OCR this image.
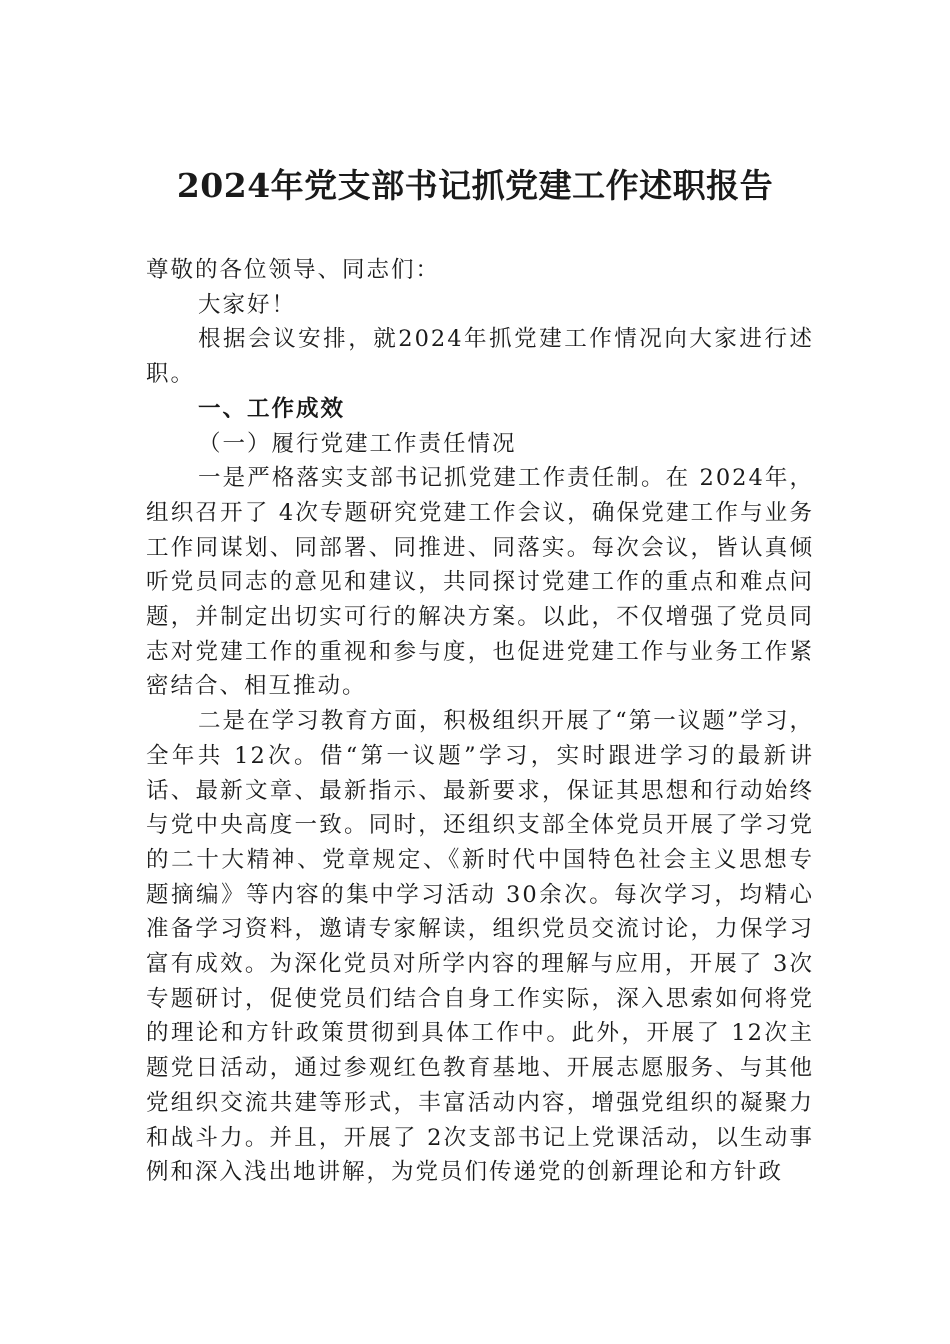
2024年党支部书记抓党建工作述职报告

尊敬的各位领导、同志们：

大家好！

根据会议安排，就2024年抓党建工作情况向大家进行述职。

一、工作成效

（一）履行党建工作责任情况

一是严格落实支部书记抓党建工作责任制。在 2024年，组织召开了 4次专题研究党建工作会议，确保党建工作与业务工作同谋划、同部署、同推进、同落实。每次会议，皆认真倾听党员同志的意见和建议，共同探讨党建工作的重点和难点问题，并制定出切实可行的解决方案。以此，不仅增强了党员同志对党建工作的重视和参与度，也促进党建工作与业务工作紧密结合、相互推动。

二是在学习教育方面，积极组织开展了“第一议题”学习，全年共 12次。借“第一议题”学习，实时跟进学习的最新讲话、最新文章、最新指示、最新要求，保证其思想和行动始终与党中央高度一致。同时，还组织支部全体党员开展了学习党的二十大精神、党章规定、《新时代中国特色社会主义思想专题摘编》等内容的集中学习活动 30余次。每次学习，均精心准备学习资料，邀请专家解读，组织党员交流讨论，力保学习富有成效。为深化党员对所学内容的理解与应用，开展了 3次专题研讨，促使党员们结合自身工作实际，深入思索如何将党的理论和方针政策贯彻到具体工作中。此外，开展了 12次主题党日活动，通过参观红色教育基地、开展志愿服务、与其他党组织交流共建等形式，丰富活动内容，增强党组织的凝聚力和战斗力。并且，开展了 2次支部书记上党课活动，以生动事例和深入浅出地讲解，为党员们传递党的创新理论和方针政
